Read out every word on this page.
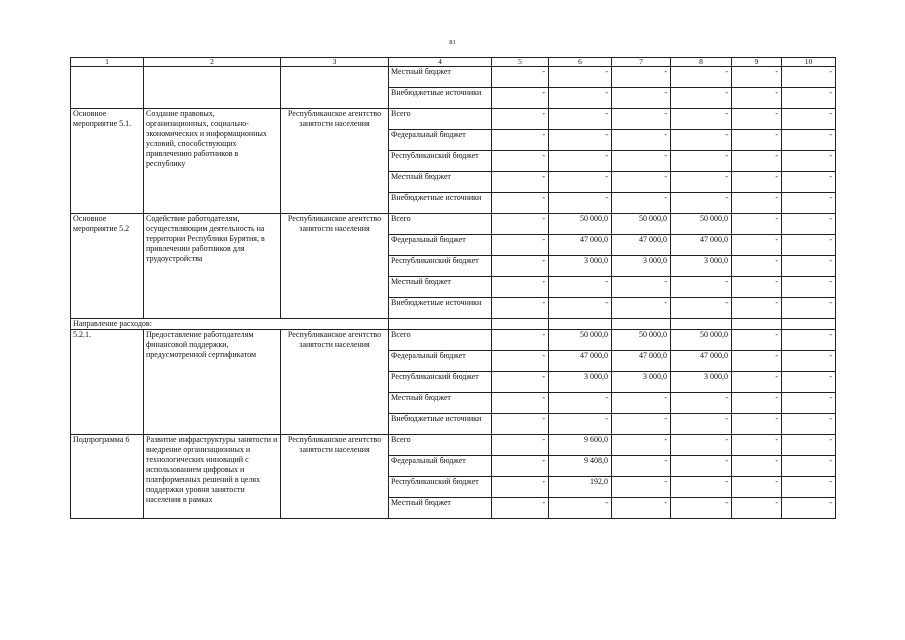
81
1	2	3	4	5	6	7	8	9	10
			Местный бюджет	-	-	-	-	-	-
			Внебюджетные источники	-	-	-	-	-	-
Основное мероприятие 5.1.	Создание правовых, организационных, социально-экономических и информационных условий, способствующих привлечению работников в республику	Республиканское агентство занятости населения	Всего	-	-	-	-	-	-
			Федеральный бюджет	-	-	-	-	-	-
			Республиканский бюджет	-	-	-	-	-	-
			Местный бюджет	-	-	-	-	-	-
			Внебюджетные источники	-	-	-	-	-	-
Основное мероприятие 5.2	Содействие работодателям, осуществляющим деятельность на территории Республики Бурятия, в привлечении работников для трудоустройства	Республиканское агентство занятости населения	Всего	-	50 000,0	50 000,0	50 000,0	-	-
			Федеральный бюджет	-	47 000,0	47 000,0	47 000,0	-	-
			Республиканский бюджет	-	3 000,0	3 000,0	3 000,0	-	-
			Местный бюджет	-	-	-	-	-	-
			Внебюджетные источники	-	-	-	-	-	-
Направление расходов:									
5.2.1.	Предоставление работодателям финансовой поддержки, предусмотренной сертификатом	Республиканское агентство занятости населения	Всего	-	50 000,0	50 000,0	50 000,0	-	-
			Федеральный бюджет	-	47 000,0	47 000,0	47 000,0	-	-
			Республиканский бюджет	-	3 000,0	3 000,0	3 000,0	-	-
			Местный бюджет	-	-	-	-	-	-
			Внебюджетные источники	-	-	-	-	-	-
Подпрограмма 6	Развитие инфраструктуры занятости и внедрение организационных и технологических инноваций с использованием цифровых и платформенных решений в целях поддержки уровня занятости населения в рамках	Республиканское агентство занятости населения	Всего	-	9 600,0	-	-	-	-
			Федеральный бюджет	-	9 408,0	-	-	-	-
			Республиканский бюджет	-	192,0	-	-	-	-
			Местный бюджет	-	-	-	-	-	-
